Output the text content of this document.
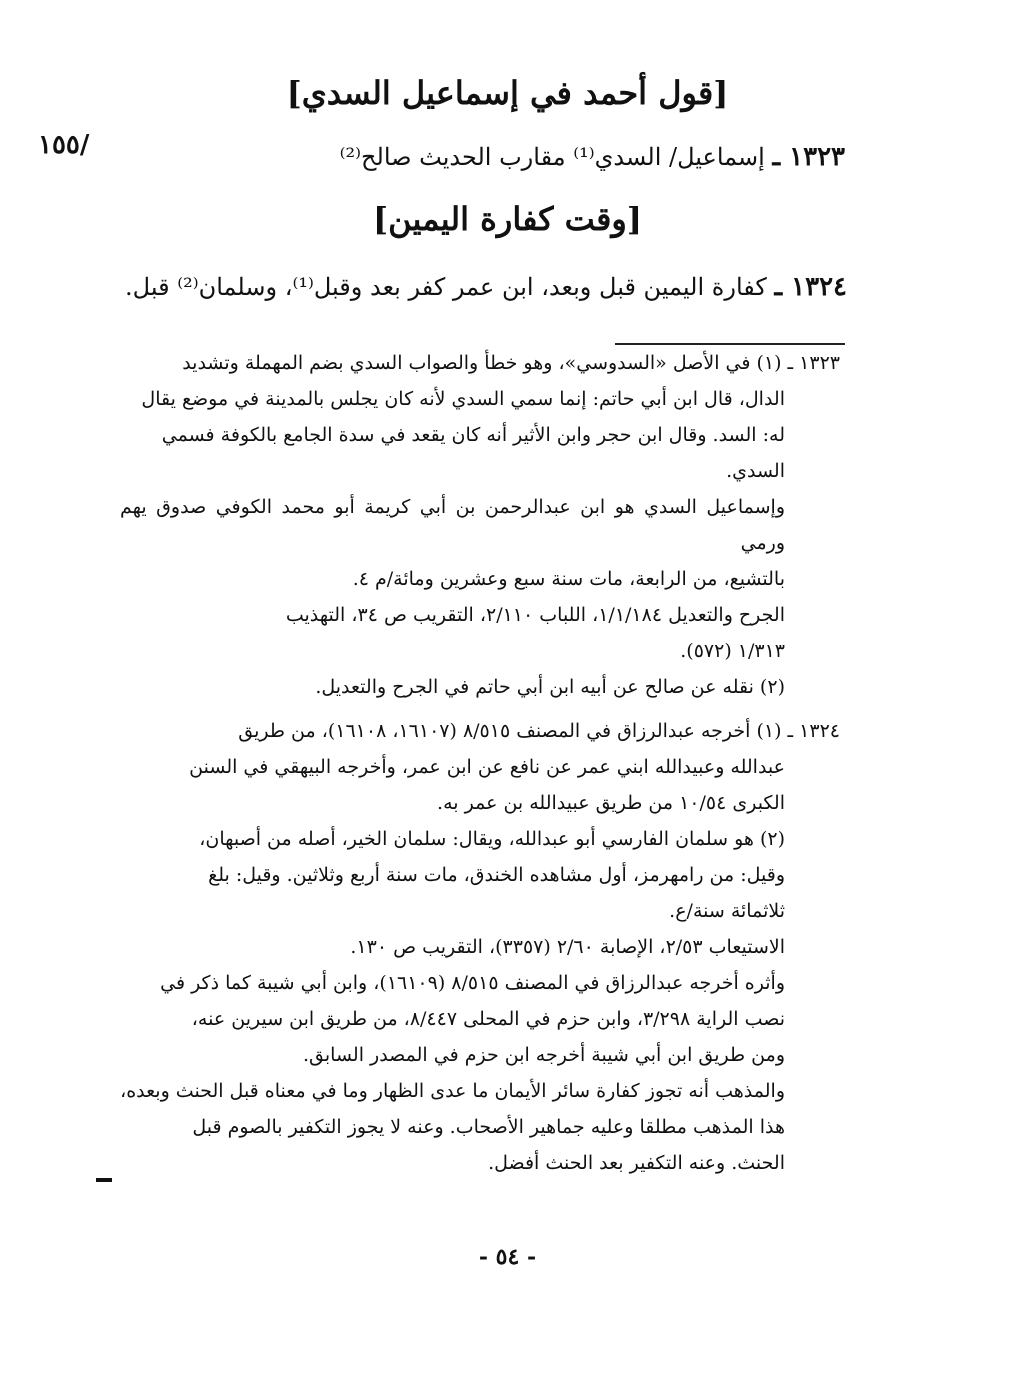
[قول أحمد في إسماعيل السدي]
/١٥٥	١٣٢٣ ـ إسماعيل/ السدي⁽¹⁾ مقارب الحديث صالح⁽²⁾
[وقت كفارة اليمين]
١٣٢٤ ـ كفارة اليمين قبل وبعد، ابن عمر كفر بعد وقبل⁽¹⁾، وسلمان⁽²⁾ قبل.
١٣٢٣ ـ (١) في الأصل «السدوسي»، وهو خطأ والصواب السدي بضم المهملة وتشديد
الدال، قال ابن أبي حاتم: إنما سمي السدي لأنه كان يجلس بالمدينة في موضع يقال
له: السد. وقال ابن حجر وابن الأثير أنه كان يقعد في سدة الجامع بالكوفة فسمي
السدي.
وإسماعيل السدي هو ابن عبدالرحمن بن أبي كريمة أبو محمد الكوفي صدوق يهم ورمي
بالتشيع، من الرابعة، مات سنة سبع وعشرين ومائة/م ٤.
الجرح والتعديل ١/١/١٨٤، اللباب ٢/١١٠، التقريب ص ٣٤، التهذيب
١/٣١٣ (٥٧٢).
(٢) نقله عن صالح عن أبيه ابن أبي حاتم في الجرح والتعديل.
١٣٢٤ ـ (١) أخرجه عبدالرزاق في المصنف ٨/٥١٥ (١٦١٠٧، ١٦١٠٨)، من طريق
عبدالله وعبيدالله ابني عمر عن نافع عن ابن عمر، وأخرجه البيهقي في السنن
الكبرى ١٠/٥٤ من طريق عبيدالله بن عمر به.
(٢) هو سلمان الفارسي أبو عبدالله، ويقال: سلمان الخير، أصله من أصبهان،
وقيل: من رامهرمز، أول مشاهده الخندق، مات سنة أربع وثلاثين. وقيل: بلغ
ثلاثمائة سنة/ع.
الاستيعاب ٢/٥٣، الإصابة ٢/٦٠ (٣٣٥٧)، التقريب ص ١٣٠.
وأثره أخرجه عبدالرزاق في المصنف ٨/٥١٥ (١٦١٠٩)، وابن أبي شيبة كما ذكر في
نصب الراية ٣/٢٩٨، وابن حزم في المحلى ٨/٤٤٧، من طريق ابن سيرين عنه،
ومن طريق ابن أبي شيبة أخرجه ابن حزم في المصدر السابق.
والمذهب أنه تجوز كفارة سائر الأيمان ما عدى الظهار وما في معناه قبل الحنث وبعده،
هذا المذهب مطلقا وعليه جماهير الأصحاب. وعنه لا يجوز التكفير بالصوم قبل
الحنث. وعنه التكفير بعد الحنث أفضل.
- ٥٤ -
